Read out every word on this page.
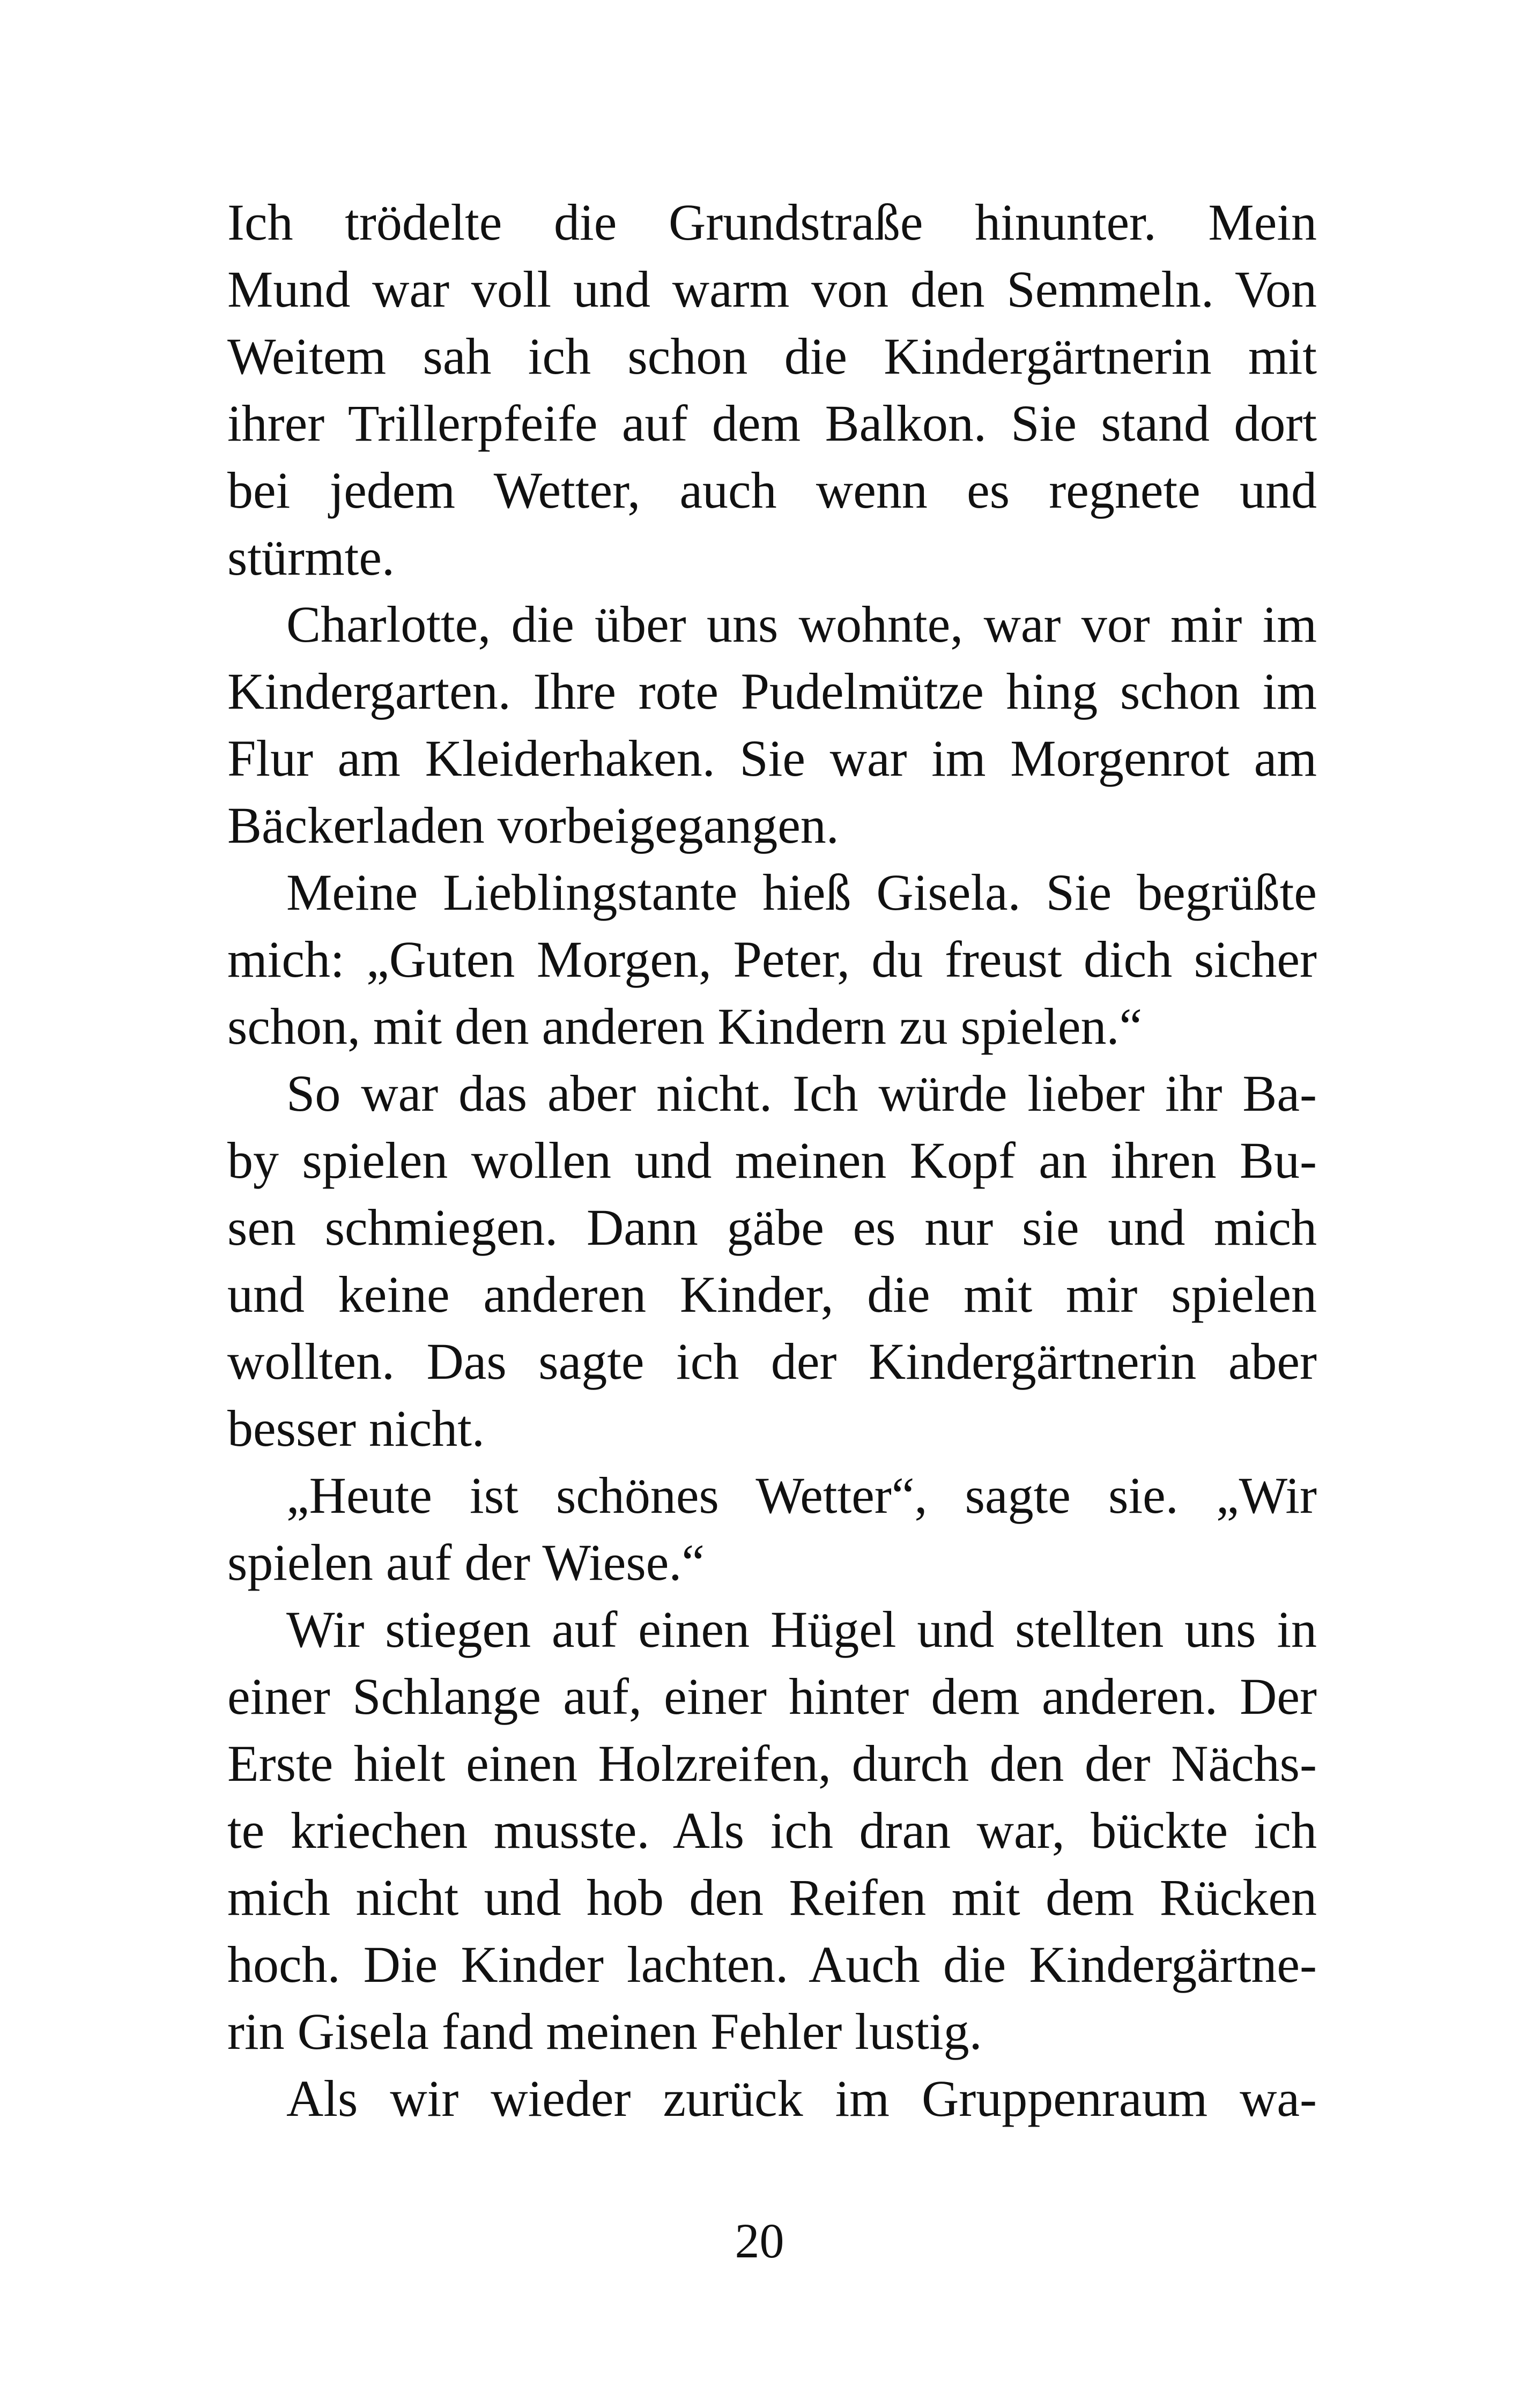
Ich trödelte die Grundstraße hinunter. Mein
Mund war voll und warm von den Semmeln. Von
Weitem sah ich schon die Kindergärtnerin mit
ihrer Trillerpfeife auf dem Balkon. Sie stand dort
bei jedem Wetter, auch wenn es regnete und
stürmte.
Charlotte, die über uns wohnte, war vor mir im
Kindergarten. Ihre rote Pudelmütze hing schon im
Flur am Kleiderhaken. Sie war im Morgenrot am
Bäckerladen vorbeigegangen.
Meine Lieblingstante hieß Gisela. Sie begrüßte
mich: „Guten Morgen, Peter, du freust dich sicher
schon, mit den anderen Kindern zu spielen.“
So war das aber nicht. Ich würde lieber ihr Ba-
by spielen wollen und meinen Kopf an ihren Bu-
sen schmiegen. Dann gäbe es nur sie und mich
und keine anderen Kinder, die mit mir spielen
wollten. Das sagte ich der Kindergärtnerin aber
besser nicht.
„Heute ist schönes Wetter“, sagte sie. „Wir
spielen auf der Wiese.“
Wir stiegen auf einen Hügel und stellten uns in
einer Schlange auf, einer hinter dem anderen. Der
Erste hielt einen Holzreifen, durch den der Nächs-
te kriechen musste. Als ich dran war, bückte ich
mich nicht und hob den Reifen mit dem Rücken
hoch. Die Kinder lachten. Auch die Kindergärtne-
rin Gisela fand meinen Fehler lustig.
Als wir wieder zurück im Gruppenraum wa-
20
